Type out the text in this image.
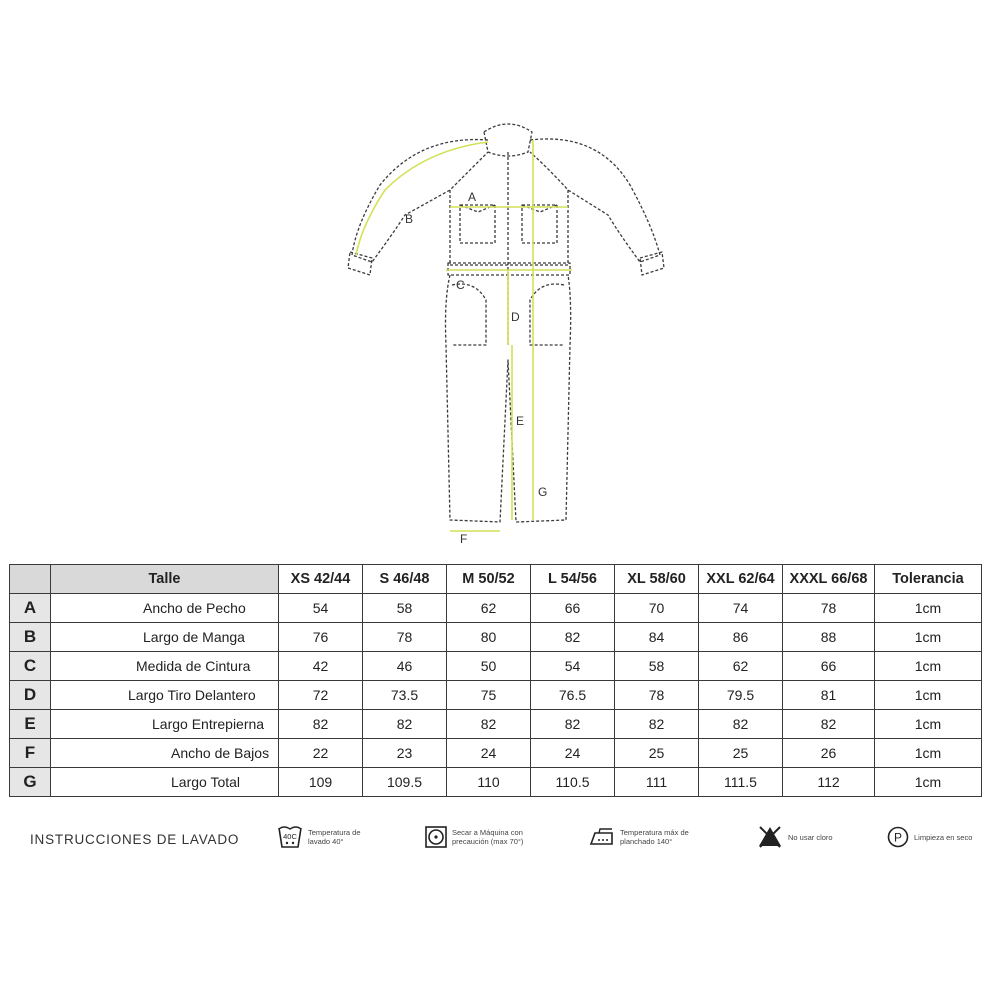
A
B
C
D
E
F
G
	Talle	XS 42/44	S 46/48	M 50/52	L 54/56	XL 58/60	XXL 62/64	XXXL 66/68	Tolerancia
A	Ancho de Pecho	54	58	62	66	70	74	78	1cm
B	Largo de Manga	76	78	80	82	84	86	88	1cm
C	Medida de Cintura	42	46	50	54	58	62	66	1cm
D	Largo Tiro Delantero	72	73.5	75	76.5	78	79.5	81	1cm
E	Largo Entrepierna	82	82	82	82	82	82	82	1cm
F	Ancho de Bajos	22	23	24	24	25	25	26	1cm
G	Largo Total	109	109.5	110	110.5	111	111.5	112	1cm
INSTRUCCIONES DE LAVADO	40C Temperatura de
lavado 40°
Secar a Máquina con
precaución (max 70°)
Temperatura máx de
planchado 140°	No usar cloro	P Limpieza en seco
